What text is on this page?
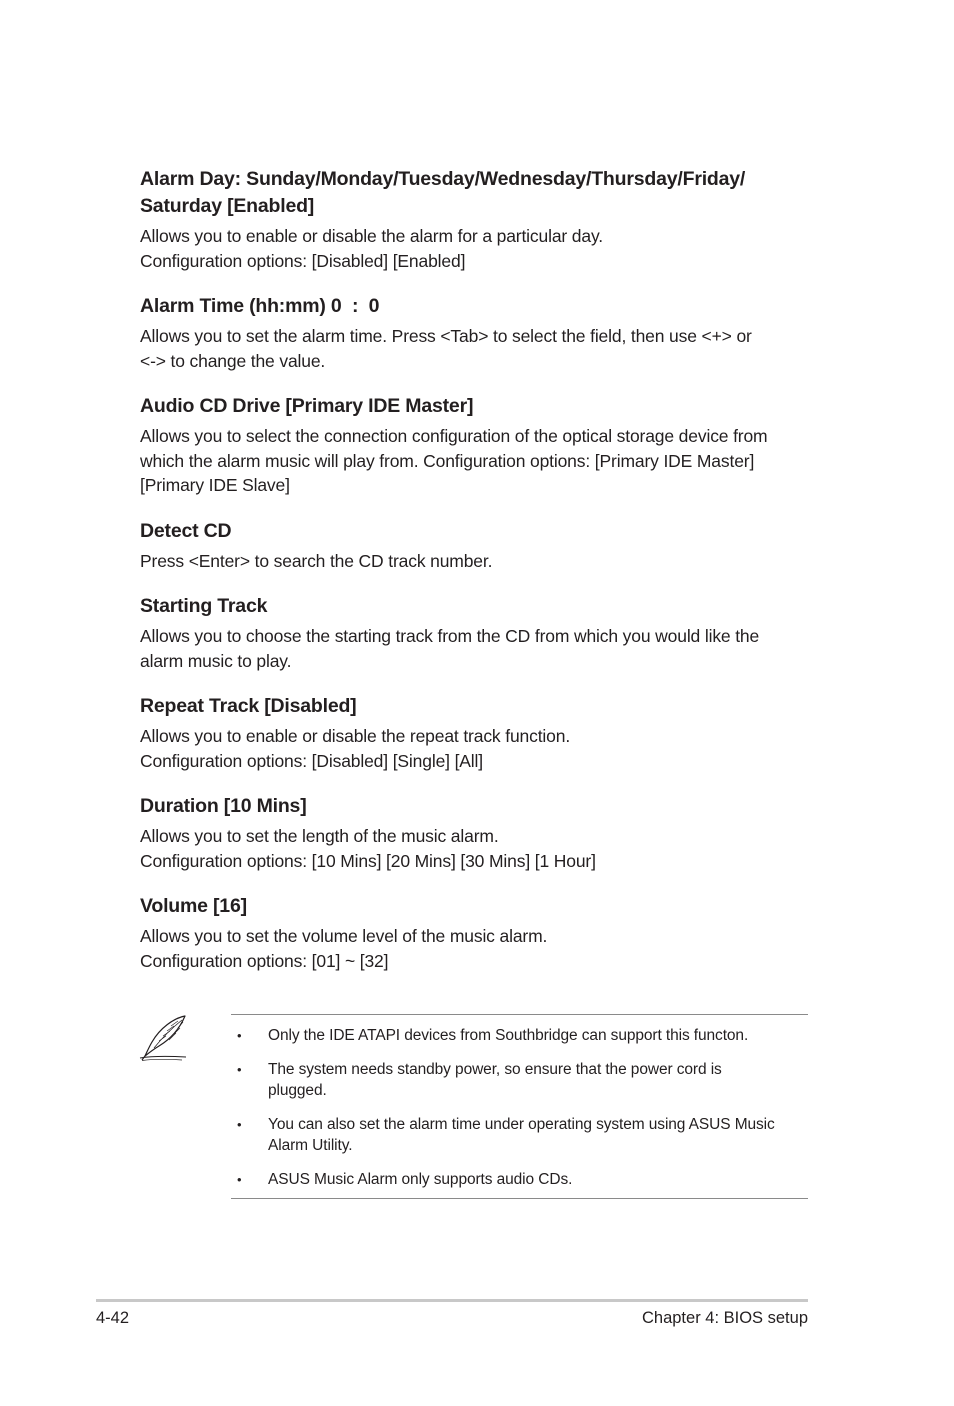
Alarm Day: Sunday/Monday/Tuesday/Wednesday/Thursday/Friday/
Saturday [Enabled]

Allows you to enable or disable the alarm for a particular day.
Configuration options: [Disabled] [Enabled]

Alarm Time (hh:mm) 0  :  0

Allows you to set the alarm time. Press <Tab> to select the field, then use <+> or
<-> to change the value.

Audio CD Drive [Primary IDE Master]

Allows you to select the connection configuration of the optical storage device from
which the alarm music will play from. Configuration options: [Primary IDE Master]
[Primary IDE Slave]

Detect CD

Press <Enter> to search the CD track number.

Starting Track

Allows you to choose the starting track from the CD from which you would like the
alarm music to play.

Repeat Track [Disabled]

Allows you to enable or disable the repeat track function.
Configuration options: [Disabled] [Single] [All]

Duration [10 Mins]

Allows you to set the length of the music alarm.
Configuration options: [10 Mins] [20 Mins] [30 Mins] [1 Hour]

Volume [16]

Allows you to set the volume level of the music alarm.
Configuration options: [01] ~ [32]

• Only the IDE ATAPI devices from Southbridge can support this functon.
• The system needs standby power, so ensure that the power cord is
plugged.
• You can also set the alarm time under operating system using ASUS Music
Alarm Utility.
• ASUS Music Alarm only supports audio CDs.
4-42	Chapter 4: BIOS setup
